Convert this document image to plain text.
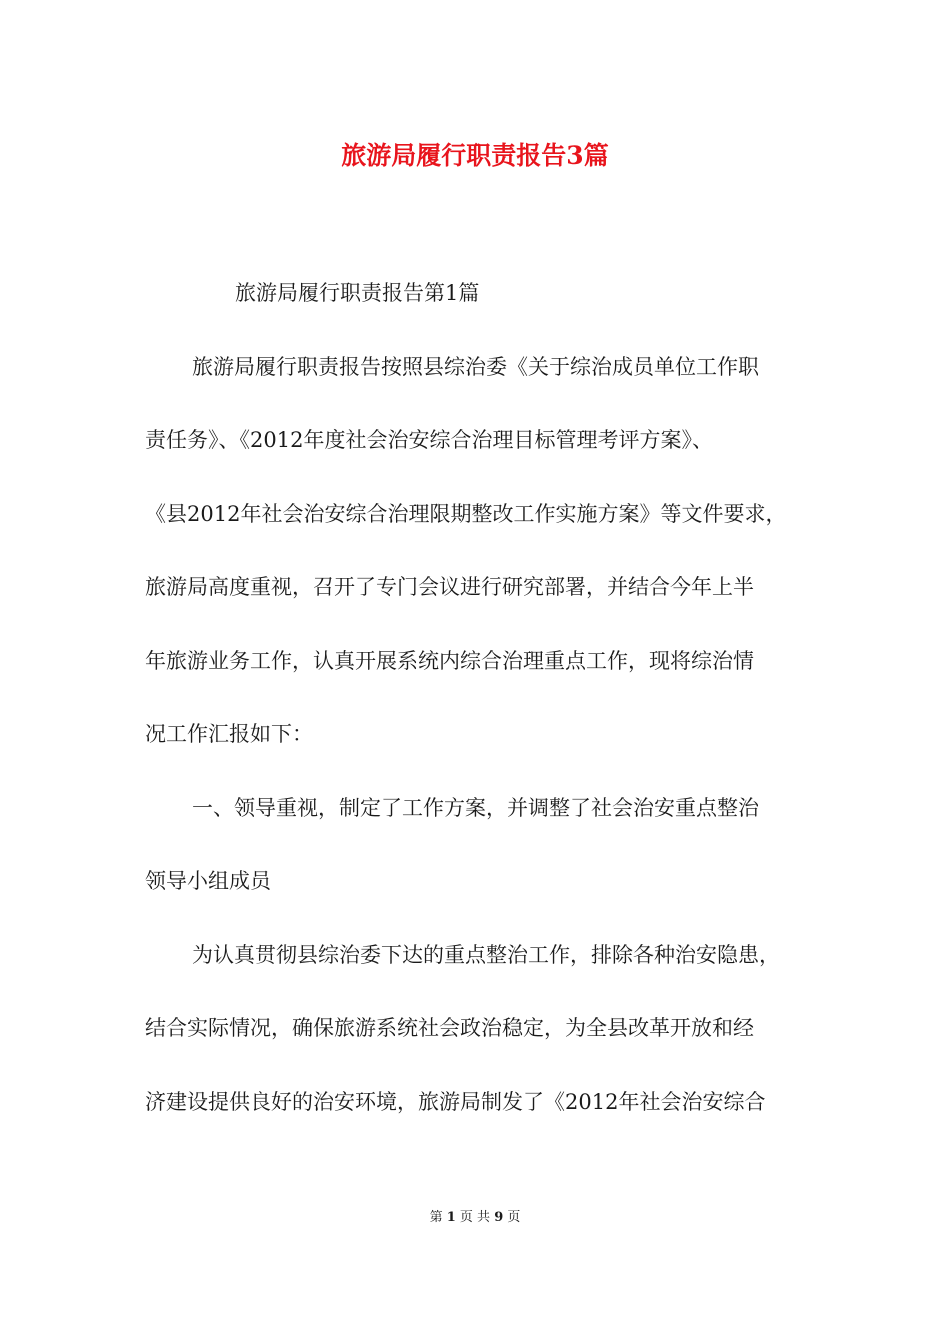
旅游局履行职责报告3篇
旅游局履行职责报告第1篇
旅游局履行职责报告按照县综治委《关于综治成员单位工作职
责任务》、《2012年度社会治安综合治理目标管理考评方案》、
《县2012年社会治安综合治理限期整改工作实施方案》等文件要求，
旅游局高度重视，召开了专门会议进行研究部署，并结合今年上半
年旅游业务工作，认真开展系统内综合治理重点工作，现将综治情
况工作汇报如下：
一、领导重视，制定了工作方案，并调整了社会治安重点整治
领导小组成员
为认真贯彻县综治委下达的重点整治工作，排除各种治安隐患，
结合实际情况，确保旅游系统社会政治稳定，为全县改革开放和经
济建设提供良好的治安环境，旅游局制发了《2012年社会治安综合
第 1 页 共 9 页
